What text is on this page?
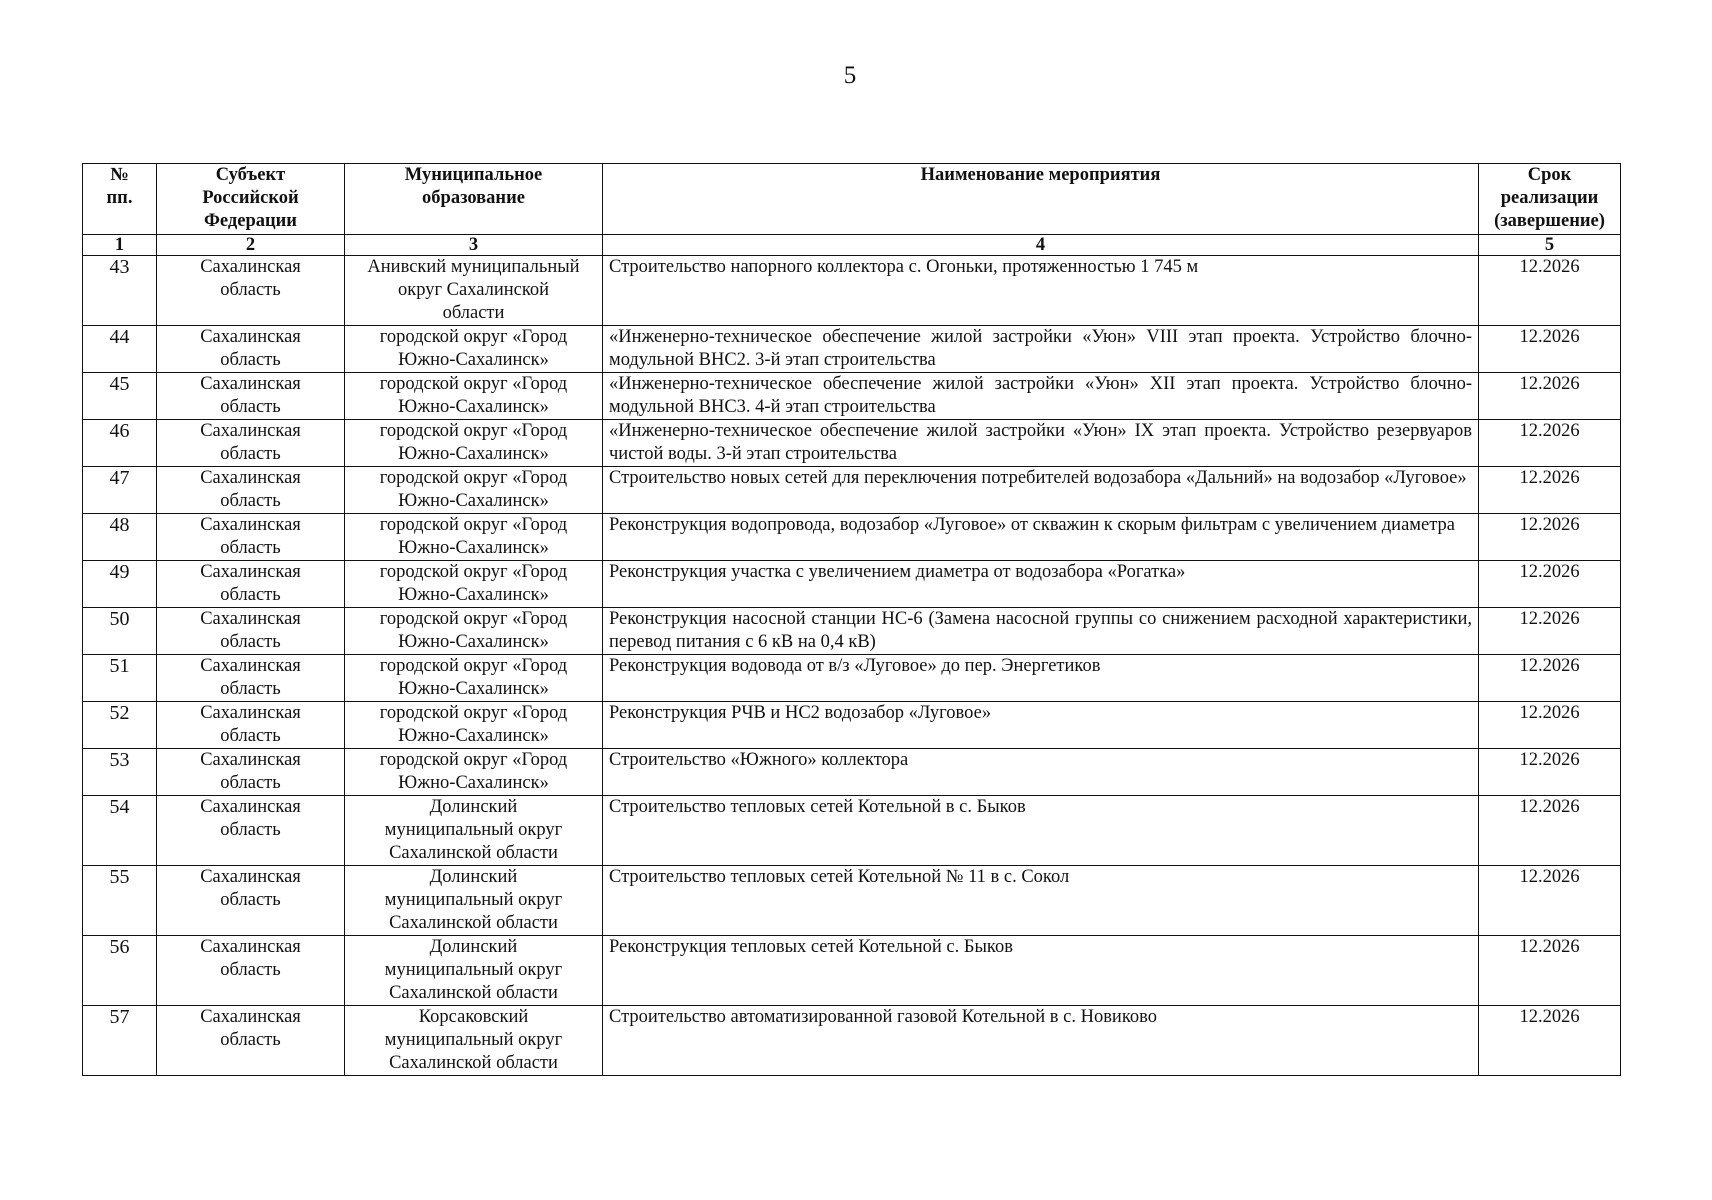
5
№
пп.	Субъект
Российской
Федерации	Муниципальное
образование	Наименование мероприятия	Срок
реализации
(завершение)

1	2	3	4	5
43	Сахалинская
область	Анивский муниципальный
округ Сахалинской
области	Строительство напорного коллектора с. Огоньки, протяженностью 1 745 м	12.2026
44	Сахалинская
область	городской округ «Город
Южно-Сахалинск»	«Инженерно-техническое обеспечение жилой застройки «Уюн» VIII этап проекта. Устройство блочно-модульной ВНС2. 3-й этап строительства	12.2026
45	Сахалинская
область	городской округ «Город
Южно-Сахалинск»	«Инженерно-техническое обеспечение жилой застройки «Уюн» XII этап проекта. Устройство блочно-модульной ВНС3. 4-й этап строительства	12.2026
46	Сахалинская
область	городской округ «Город
Южно-Сахалинск»	«Инженерно-техническое обеспечение жилой застройки «Уюн» IX этап проекта. Устройство резервуаров чистой воды. 3-й этап строительства	12.2026
47	Сахалинская
область	городской округ «Город
Южно-Сахалинск»	Строительство новых сетей для переключения потребителей водозабора «Дальний» на водозабор «Луговое»	12.2026
48	Сахалинская
область	городской округ «Город
Южно-Сахалинск»	Реконструкция водопровода, водозабор «Луговое» от скважин к скорым фильтрам с увеличением диаметра	12.2026
49	Сахалинская
область	городской округ «Город
Южно-Сахалинск»	Реконструкция участка с увеличением диаметра от водозабора «Рогатка»	12.2026
50	Сахалинская
область	городской округ «Город
Южно-Сахалинск»	Реконструкция насосной станции НС-6 (Замена насосной группы со снижением расходной характеристики, перевод питания с 6 кВ на 0,4 кВ)	12.2026
51	Сахалинская
область	городской округ «Город
Южно-Сахалинск»	Реконструкция водовода от в/з «Луговое» до пер. Энергетиков	12.2026
52	Сахалинская
область	городской округ «Город
Южно-Сахалинск»	Реконструкция РЧВ и НС2 водозабор «Луговое»	12.2026
53	Сахалинская
область	городской округ «Город
Южно-Сахалинск»	Строительство «Южного» коллектора	12.2026
54	Сахалинская
область	Долинский
муниципальный округ
Сахалинской области	Строительство тепловых сетей Котельной в с. Быков	12.2026
55	Сахалинская
область	Долинский
муниципальный округ
Сахалинской области	Строительство тепловых сетей Котельной № 11 в с. Сокол	12.2026
56	Сахалинская
область	Долинский
муниципальный округ
Сахалинской области	Реконструкция тепловых сетей Котельной с. Быков	12.2026
57	Сахалинская
область	Корсаковский
муниципальный округ
Сахалинской области	Строительство автоматизированной газовой Котельной в с. Новиково	12.2026
